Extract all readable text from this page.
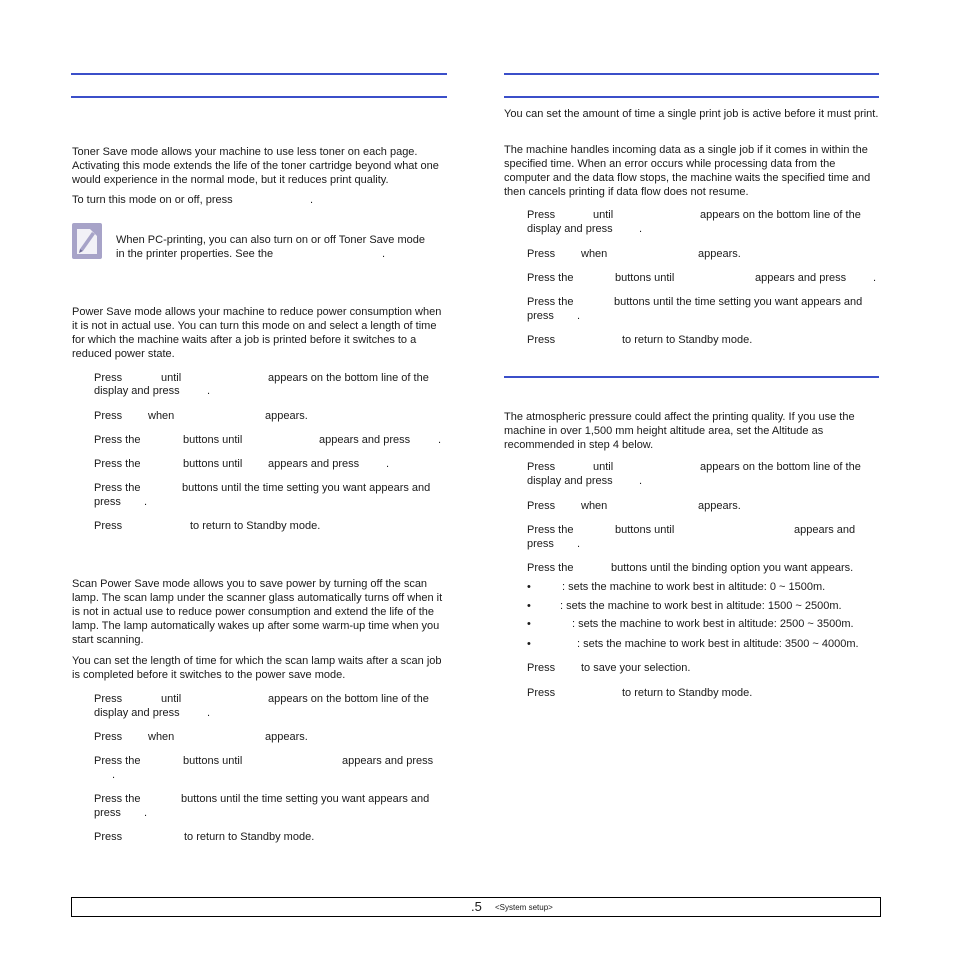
Toner Save mode allows your machine to use less toner on each page. Activating this mode extends the life of the toner cartridge beyond what one would experience in the normal mode, but it reduces print quality.

To turn this mode on or off, press	.
When PC-printing, you can also turn on or off Toner Save mode
in the printer properties. See the	.

Power Save mode allows your machine to reduce power consumption when it is not in actual use. You can turn this mode on and select a length of time for which the machine waits after a job is printed before it switches to a reduced power state.

Press	until	appears on the bottom line of the
display and press .
Press when	appears.
Press the	buttons until	appears and press	.
Press the	buttons until appears and press .
Press the	buttons until the time setting you want appears and
press .
Press	to return to Standby mode.

Scan Power Save mode allows you to save power by turning off the scan lamp. The scan lamp under the scanner glass automatically turns off when it is not in actual use to reduce power consumption and extend the life of the lamp. The lamp automatically wakes up after some warm-up time when you start scanning.

You can set the length of time for which the scan lamp waits after a scan job is completed before it switches to the power save mode.

Press	until	appears on the bottom line of the
display and press .
Press when	appears.
Press the	buttons until	appears and press
.
Press the	buttons until the time setting you want appears and
press .
Press	to return to Standby mode.

You can set the amount of time a single print job is active before it must print.

The machine handles incoming data as a single job if it comes in within the specified time. When an error occurs while processing data from the computer and the data flow stops, the machine waits the specified time and then cancels printing if data flow does not resume.

Press	until	appears on the bottom line of the
display and press .
Press when	appears.
Press the	buttons until	appears and press .
Press the	buttons until the time setting you want appears and
press .
Press	to return to Standby mode.

The atmospheric pressure could affect the printing quality. If you use the machine in over 1,500 mm height altitude area, set the Altitude as recommended in step 4 below.

Press	until	appears on the bottom line of the
display and press .
Press when	appears.
Press the	buttons until	appears and
press .
Press the	buttons until the binding option you want appears.
•	: sets the machine to work best in altitude: 0 ~ 1500m.
•	: sets the machine to work best in altitude: 1500 ~ 2500m.
•	: sets the machine to work best in altitude: 2500 ~ 3500m.
•	: sets the machine to work best in altitude: 3500 ~ 4000m.
Press to save your selection.
Press	to return to Standby mode.
.5 <System setup>
